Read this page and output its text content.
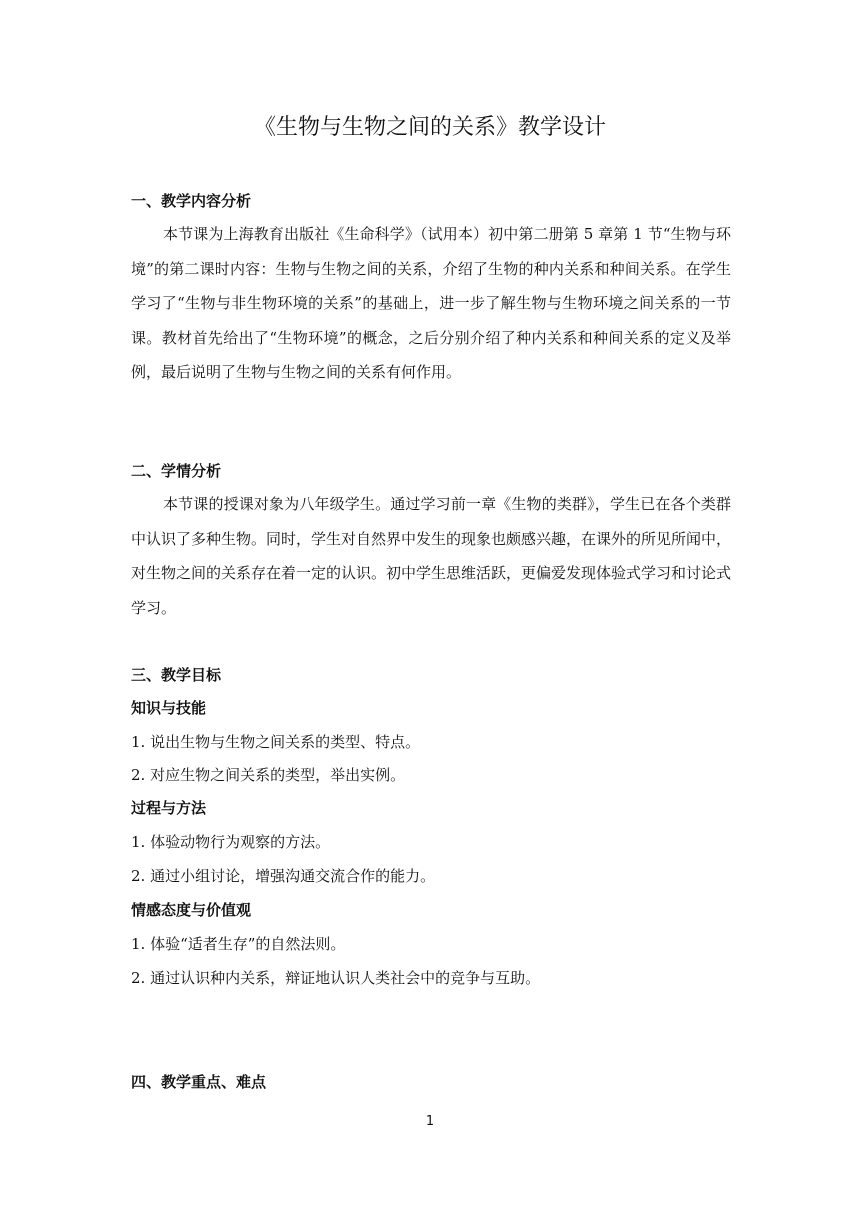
《生物与生物之间的关系》教学设计
一、教学内容分析

本节课为上海教育出版社《生命科学》（试用本）初中第二册第 5 章第 1 节“生物与环境”的第二课时内容：生物与生物之间的关系，介绍了生物的种内关系和种间关系。在学生学习了“生物与非生物环境的关系”的基础上，进一步了解生物与生物环境之间关系的一节课。教材首先给出了“生物环境”的概念，之后分别介绍了种内关系和种间关系的定义及举例，最后说明了生物与生物之间的关系有何作用。

二、学情分析

本节课的授课对象为八年级学生。通过学习前一章《生物的类群》，学生已在各个类群中认识了多种生物。同时，学生对自然界中发生的现象也颇感兴趣，在课外的所见所闻中，对生物之间的关系存在着一定的认识。初中学生思维活跃，更偏爱发现体验式学习和讨论式学习。

三、教学目标
知识与技能

1. 说出生物与生物之间关系的类型、特点。

2. 对应生物之间关系的类型，举出实例。

过程与方法

1. 体验动物行为观察的方法。

2. 通过小组讨论，增强沟通交流合作的能力。

情感态度与价值观

1. 体验“适者生存”的自然法则。

2. 通过认识种内关系，辩证地认识人类社会中的竞争与互助。

四、教学重点、难点
1
